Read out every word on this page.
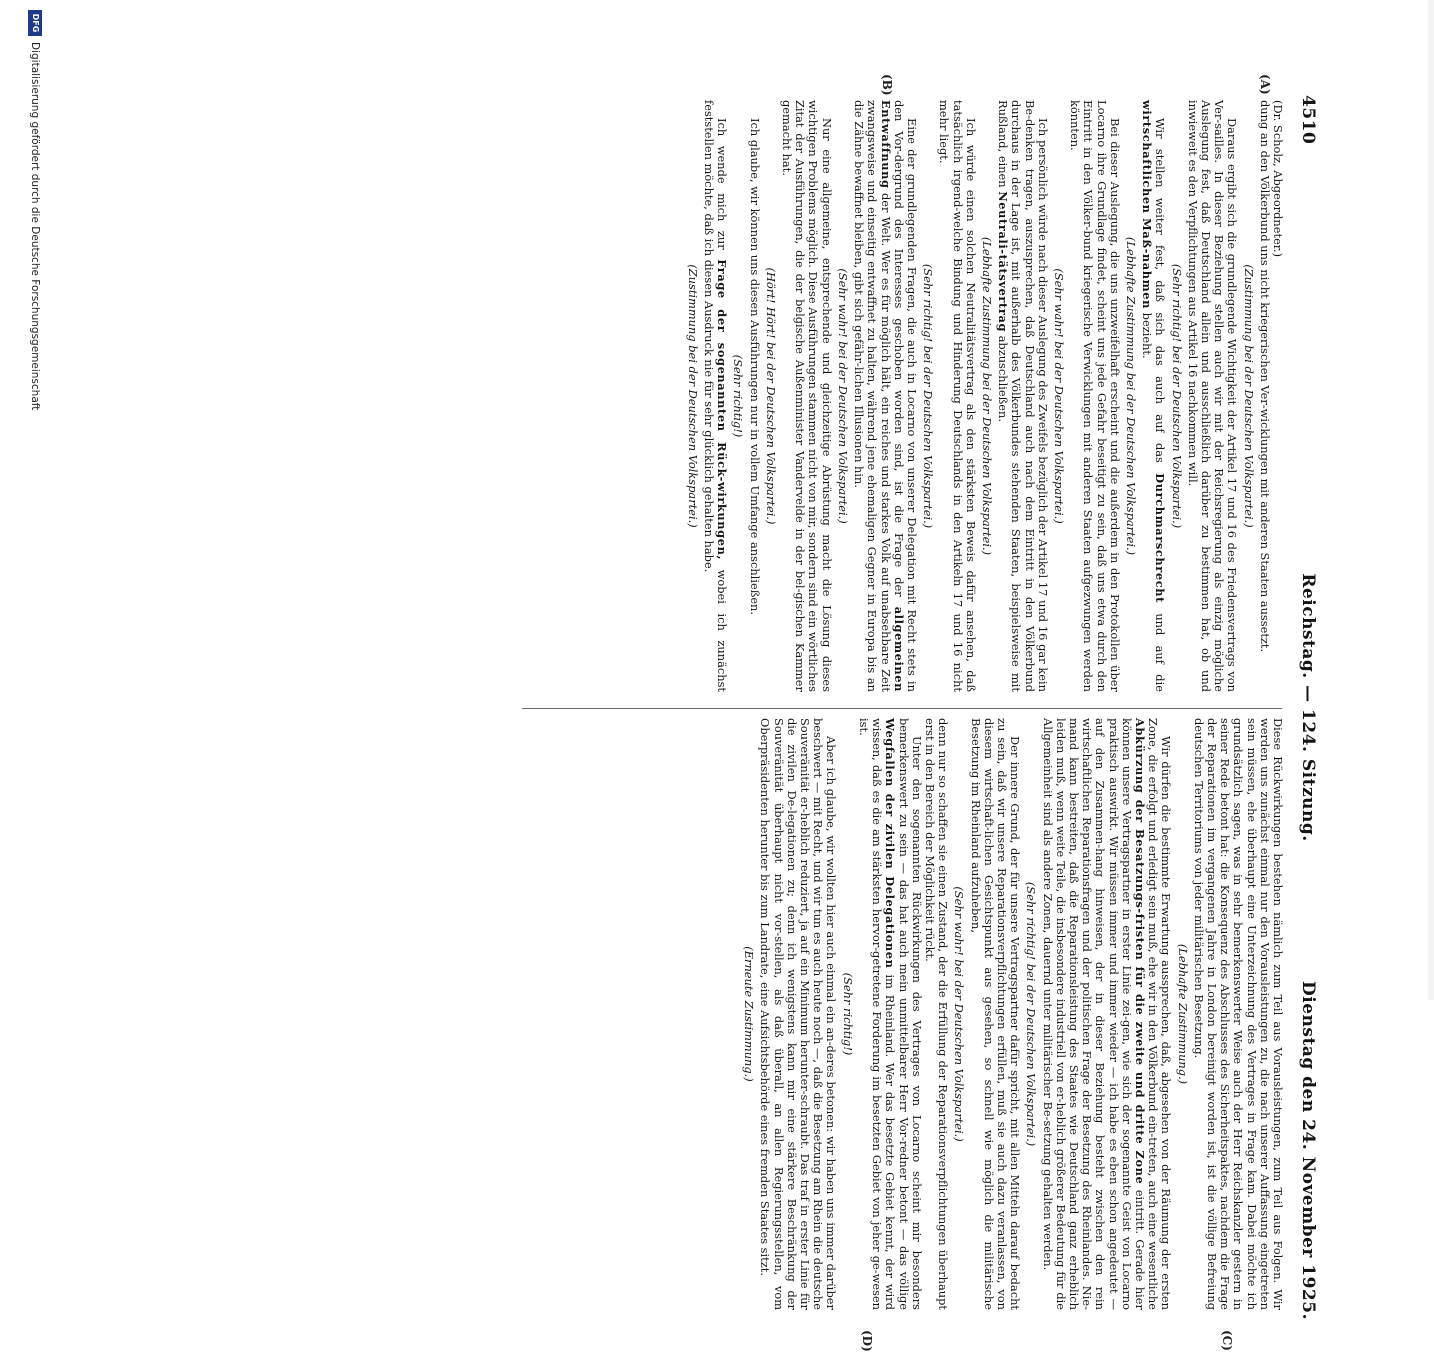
4510
Reichstag. — 124. Sitzung.
Dienstag den 24. November 1925.
(A)
(B)
(C)
(D)

(Dr. Scholz, Abgeordneter.)

dung an den Völkerbund uns nicht kriegerischen Ver-wicklungen mit anderen Staaten aussetzt.

(Zustimmung bei der Deutschen Volkspartei.)

Daraus ergibt sich die grundlegende Wichtigkeit der Artikel 17 und 16 des Friedensvertrags von Ver-sailles. In dieser Beziehung stellen auch wir mit der Reichsregierung als einzig mögliche Auslegung fest, daß Deutschland allein und ausschließlich darüber zu bestimmen hat, ob und inwieweit es den Verpflichtungen aus Artikel 16 nachkommen will.

(Sehr richtig! bei der Deutschen Volkspartei.)

Wir stellen weiter fest, daß sich das auch auf das Durchmarschrecht und auf die wirtschaftlichen Maß-nahmen bezieht.

(Lebhafte Zustimmung bei der Deutschen Volkspartei.)

Bei dieser Auslegung, die uns unzweifelhaft erscheint und die außerdem in den Protokollen über Locarno ihre Grundlage findet, scheint uns jede Gefahr beseitigt zu sein, daß uns etwa durch den Eintritt in den Völker-bund kriegerische Verwicklungen mit anderen Staaten aufgezwungen werden könnten.

(Sehr wahr! bei der Deutschen Volkspartei.)

Ich persönlich würde nach dieser Auslegung des Zweifels bezüglich der Artikel 17 und 16 gar kein Be-denken tragen, auszusprechen, daß Deutschland auch nach dem Eintritt in den Völkerbund durchaus in der Lage ist, mit außerhalb des Völkerbundes stehenden Staaten, beispielsweise mit Rußland, einen Neutrali-tätsvertrag abzuschließen.

(Lebhafte Zustimmung bei der Deutschen Volkspartei.)

Ich würde einen solchen Neutralitätsvertrag als den stärksten Beweis dafür ansehen, daß tatsächlich irgend-welche Bindung und Hinderung Deutschlands in den Artikeln 17 und 16 nicht mehr liegt.

(Sehr richtig! bei der Deutschen Volkspartei.)

Eine der grundlegenden Fragen, die auch in Locarno von unserer Delegation mit Recht stets in den Vor-dergrund des Interesses geschoben worden sind, ist die Frage der allgemeinen Entwaffnung der Welt. Wer es für möglich hält, ein reiches und starkes Volk auf unabsehbare Zeit zwangsweise und einseitig entwaffnet zu halten, während jene ehemaligen Gegner in Europa bis an die Zähne bewaffnet bleiben, gibt sich gefähr-lichen Illusionen hin.

(Sehr wahr! bei der Deutschen Volkspartei.)

Nur eine allgemeine, entsprechende und gleichzeitige Abrüstung macht die Lösung dieses wichtigen Problems möglich. Diese Ausführungen stammen nicht von mir, sondern sind ein wörtliches Zitat der Ausführungen, die der belgische Außenminister Vandervelde in der bel-gischen Kammer gemacht hat.

(Hört! Hört! bei der Deutschen Volkspartei.)

Ich glaube, wir können uns diesen Ausführungen nur in vollem Umfange anschließen.

(Sehr richtig!)

Ich wende mich zur Frage der sogenannten Rück-wirkungen, wobei ich zunächst feststellen möchte, daß ich diesen Ausdruck nie für sehr glücklich gehalten habe.

(Zustimmung bei der Deutschen Volkspartei.)

Diese Rückwirkungen bestehen nämlich zum Teil aus Vorausleistungen, zum Teil aus Folgen. Wir werden uns zunächst einmal nur den Vorausleistungen zu, die nach unserer Auffassung eingetreten sein müssen, ehe überhaupt eine Unterzeichnung des Vertrages in Frage kam. Dabei möchte ich grundsätzlich sagen, was in sehr bemerkenswerter Weise auch der Herr Reichskanzler gestern in seiner Rede betont hat: die Konsequenz des Abschlusses des Sicherheitspaktes, nachdem die Frage der Reparationen im vergangenen Jahre in London bereinigt worden ist, ist die völlige Befreiung deutschen Territoriums von jeder militärischen Besetzung.

(Lebhafte Zustimmung.)

Wir dürfen die bestimmte Erwartung aussprechen, daß, abgesehen von der Räumung der ersten Zone, die erfolgt und erledigt sein muß, ehe wir in den Völkerbund ein-treten, auch eine wesentliche Abkürzung der Besatzungs-fristen für die zweite und dritte Zone eintritt. Gerade hier können unsere Vertragspartner in erster Linie zei-gen, wie sich der sogenannte Geist von Locarno praktisch auswirkt. Wir müssen immer und immer wieder — ich habe es eben schon angedeutet — auf den Zusammen-hang hinweisen, der in dieser Beziehung besteht zwischen den rein wirtschaftlichen Reparationsfragen und der politischen Frage der Besetzung des Rheinlandes. Nie-mand kann bestreiten, daß die Reparationsleistung des Staates wie Deutschland ganz erheblich leiden muß, wenn weite Teile, die insbesondere industriell von er-heblich größerer Bedeutung für die Allgemeinheit sind als andere Zonen, dauernd unter militärischer Be-setzung gehalten werden.

(Sehr richtig! bei der Deutschen Volkspartei.)

Der innere Grund, der für unsere Vertragspartner dafür spricht, mit allen Mitteln darauf bedacht zu sein, daß wir unsere Reparationsverpflichtungen erfüllen, muß sie auch dazu veranlassen, von diesem wirtschaft-lichen Gesichtspunkt aus gesehen, so schnell wie möglich die militärische Besetzung im Rheinland aufzuheben,

(Sehr wahr! bei der Deutschen Volkspartei.)

denn nur so schaffen sie einen Zustand, der die Erfüllung der Reparationsverpflichtungen überhaupt erst in den Bereich der Möglichkeit rückt.

Unter den sogenannten Rückwirkungen des Vertrages von Locarno scheint mir besonders bemerkenswert zu sein — das hat auch mein unmittelbarer Herr Vor-redner betont — das völlige Wegfallen der zivilen Delegationen im Rheinland. Wer das besetzte Gebiet kennt, der wird wissen, daß es die am stärksten hervor-getretene Forderung im besetzten Gebiet von jeher ge-wesen ist.

(Sehr richtig!)

Aber ich glaube, wir wollten hier auch einmal ein an-deres betonen: wir haben uns immer darüber beschwert — mit Recht, und wir tun es auch heute noch —, daß die Besetzung am Rhein die deutsche Souveränität er-heblich reduziert, ja auf ein Minimum herunter-schraubt. Das traf in erster Linie für die zivilen De-legationen zu; denn ich wenigstens kann mir eine stärkere Beschränkung der Souveränität überhaupt nicht vor-stellen, als daß überall, an allen Regierungsstellen, vom Oberpräsidenten herunter bis zum Landrate, eine Aufsichtsbehörde eines fremden Staates sitzt.

(Erneute Zustimmung.)

DFGDigitalisierung gefördert durch die Deutsche Forschungsgemeinschaft
